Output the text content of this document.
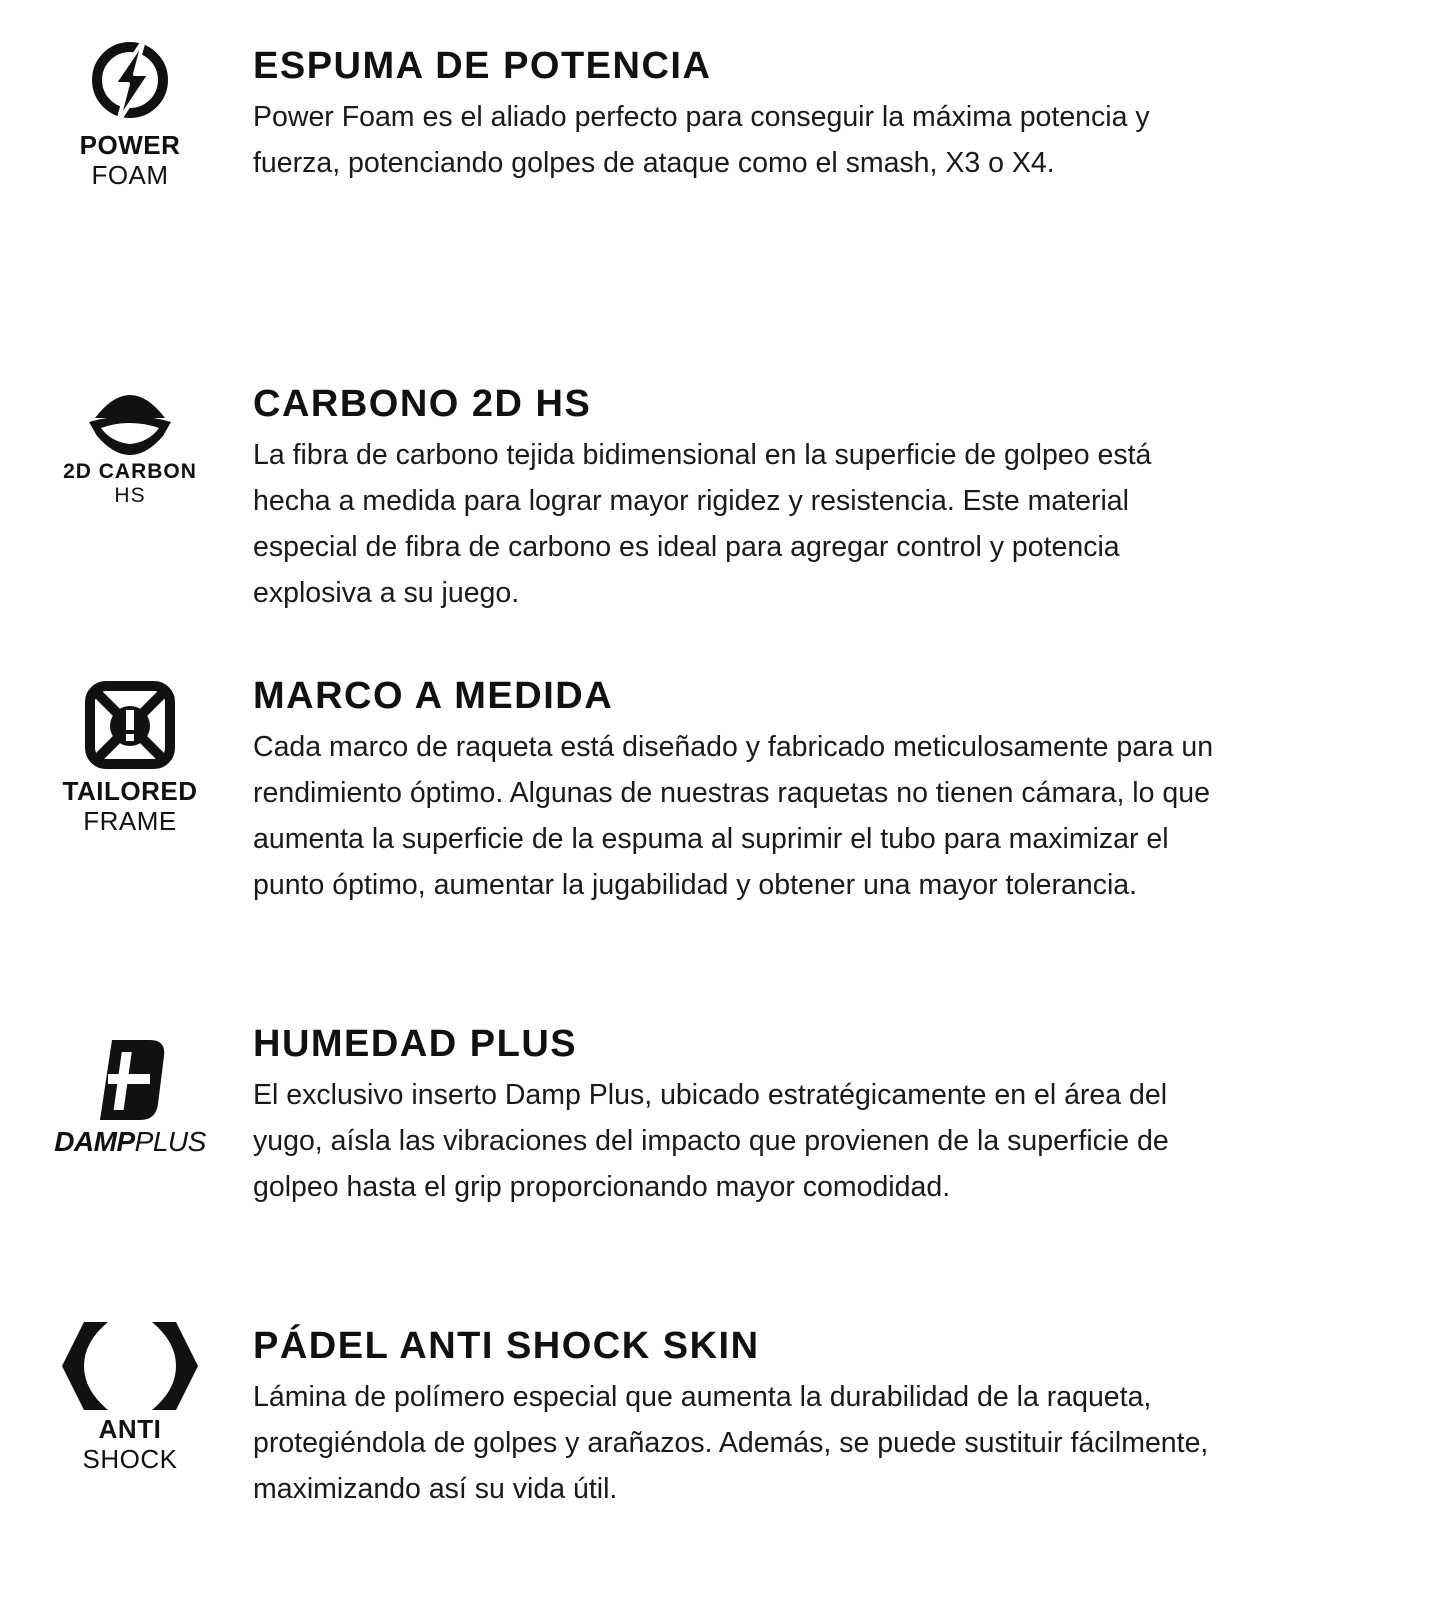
POWER
FOAM
ESPUMA DE POTENCIA

Power Foam es el aliado perfecto para conseguir la máxima potencia y fuerza, potenciando golpes de ataque como el smash, X3 o X4.

2D CARBON
HS
CARBONO 2D HS

La fibra de carbono tejida bidimensional en la superficie de golpeo está hecha a medida para lograr mayor rigidez y resistencia. Este material especial de fibra de carbono es ideal para agregar control y potencia explosiva a su juego.

TAILORED
FRAME
MARCO A MEDIDA

Cada marco de raqueta está diseñado y fabricado meticulosamente para un rendimiento óptimo. Algunas de nuestras raquetas no tienen cámara, lo que aumenta la superficie de la espuma al suprimir el tubo para maximizar el punto óptimo, aumentar la jugabilidad y obtener una mayor tolerancia.

DAMPPLUS
HUMEDAD PLUS

El exclusivo inserto Damp Plus, ubicado estratégicamente en el área del yugo, aísla las vibraciones del impacto que provienen de la superficie de golpeo hasta el grip proporcionando mayor comodidad.

ANTI
SHOCK
PÁDEL ANTI SHOCK SKIN

Lámina de polímero especial que aumenta la durabilidad de la raqueta, protegiéndola de golpes y arañazos. Además, se puede sustituir fácilmente, maximizando así su vida útil.
